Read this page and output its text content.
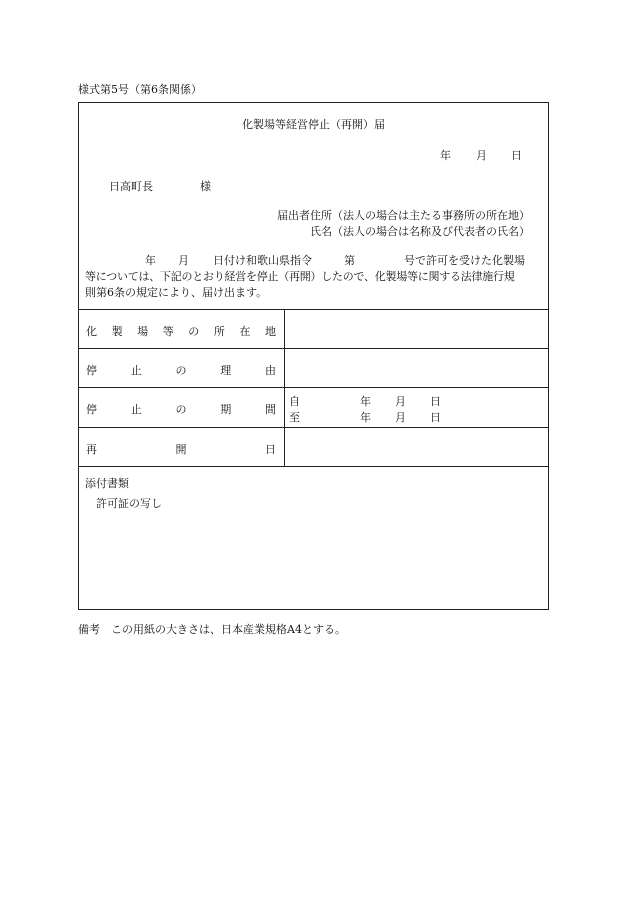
様式第5号（第6条関係）
化製場等経営停止（再開）届
年 月 日
日高町長	様
届出者住所（法人の場合は主たる事務所の所在地）
氏名（法人の場合は名称及び代表者の氏名）
年 月 日付け和歌山県指令	第	号で許可を受けた化製場
等については、下記のとおり経営を停止（再開）したので、化製場等に関する法律施行規
則第6条の規定により、届け出ます。
化 製 場 等 の 所 在 地
停	止	の	理	由
停	止	の	期	間
自	年 月 日
至	年 月 日
再	開	日
添付書類
許可証の写し
備考　この用紙の大きさは、日本産業規格A4とする。
